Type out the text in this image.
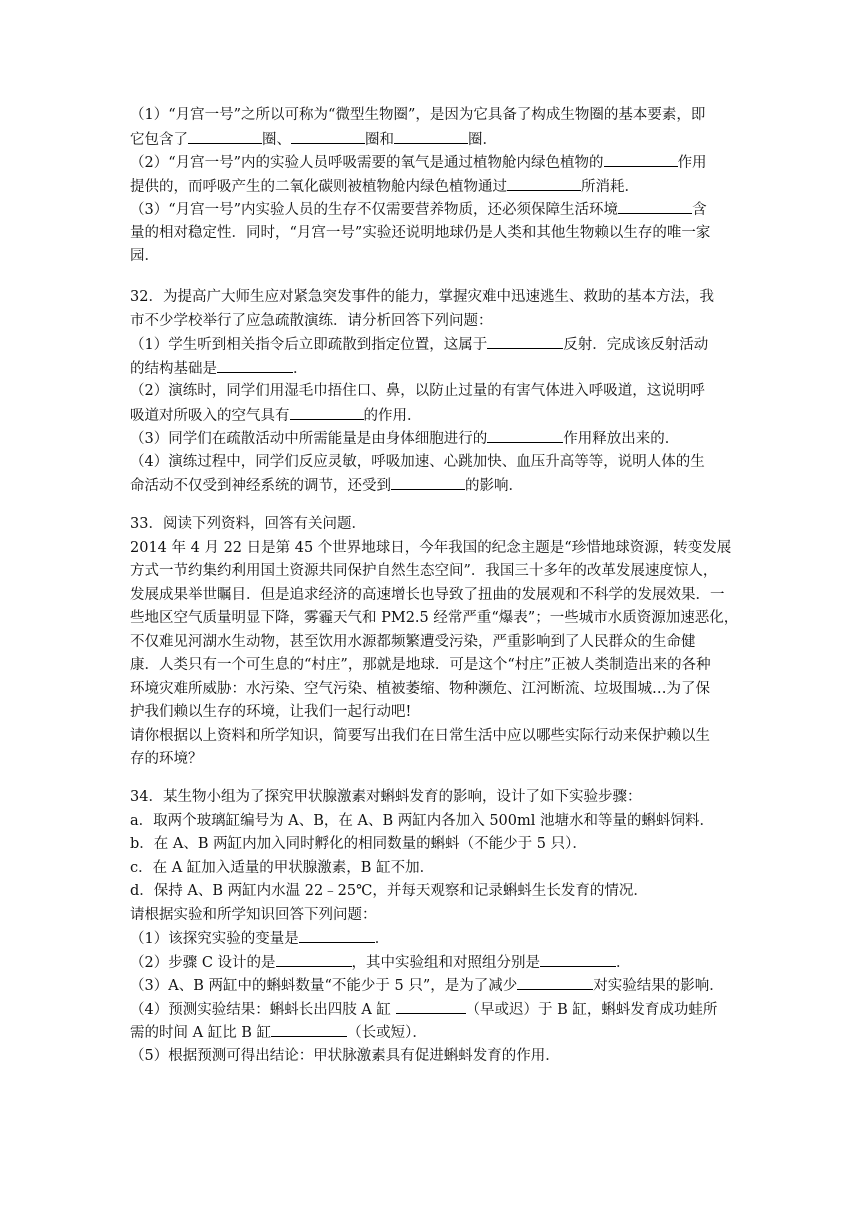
（1）“月宫一号”之所以可称为“微型生物圈”，是因为它具备了构成生物圈的基本要素，即
它包含了	圈、	圈和	圈．
（2）“月宫一号”内的实验人员呼吸需要的氧气是通过植物舱内绿色植物的	作用
提供的，而呼吸产生的二氧化碳则被植物舱内绿色植物通过	所消耗．
（3）“月宫一号”内实验人员的生存不仅需要营养物质，还必须保障生活环境	含
量的相对稳定性．同时，“月宫一号”实验还说明地球仍是人类和其他生物赖以生存的唯一家
园．
32．为提高广大师生应对紧急突发事件的能力，掌握灾难中迅速逃生、救助的基本方法，我
市不少学校举行了应急疏散演练．请分析回答下列问题：
（1）学生听到相关指令后立即疏散到指定位置，这属于	反射．完成该反射活动
的结构基础是	．
（2）演练时，同学们用湿毛巾捂住口、鼻，以防止过量的有害气体进入呼吸道，这说明呼
吸道对所吸入的空气具有	的作用．
（3）同学们在疏散活动中所需能量是由身体细胞进行的	作用释放出来的．
（4）演练过程中，同学们反应灵敏，呼吸加速、心跳加快、血压升高等等，说明人体的生
命活动不仅受到神经系统的调节，还受到	的影响．
33．阅读下列资料，回答有关问题．
2014 年 4 月 22 日是第 45 个世界地球日，今年我国的纪念主题是“珍惜地球资源，转变发展
方式一节约集约利用国土资源共同保护自然生态空间”．我国三十多年的改革发展速度惊人，
发展成果举世瞩目．但是追求经济的高速增长也导致了扭曲的发展观和不科学的发展效果．一
些地区空气质量明显下降，雾霾天气和 PM2.5 经常严重“爆表”；一些城市水质资源加速恶化，
不仅难见河湖水生动物，甚至饮用水源都频繁遭受污染，严重影响到了人民群众的生命健
康．人类只有一个可生息的“村庄”，那就是地球．可是这个“村庄”正被人类制造出来的各种
环境灾难所威胁：水污染、空气污染、植被萎缩、物种濒危、江河断流、垃圾围城…为了保
护我们赖以生存的环境，让我们一起行动吧!
请你根据以上资料和所学知识，简要写出我们在日常生活中应以哪些实际行动来保护赖以生
存的环境？
34．某生物小组为了探究甲状腺激素对蝌蚪发育的影响，设计了如下实验步骤：
a．取两个玻璃缸编号为 A、B，在 A、B 两缸内各加入 500ml 池塘水和等量的蝌蚪饲料．
b．在 A、B 两缸内加入同时孵化的相同数量的蝌蚪（不能少于 5 只）．
c．在 A 缸加入适量的甲状腺激素，B 缸不加．
d．保持 A、B 两缸内水温 22﹣25℃，并每天观察和记录蝌蚪生长发育的情况．
请根据实验和所学知识回答下列问题：
（1）该探究实验的变量是	．
（2）步骤 C 设计的是	，其中实验组和对照组分别是	．
（3）A、B 两缸中的蝌蚪数量“不能少于 5 只”，是为了减少	对实验结果的影响．
（4）预测实验结果：蝌蚪长出四肢 A 缸	（早或迟）于 B 缸，蝌蚪发育成功蛙所
需的时间 A 缸比 B 缸	（长或短）．
（5）根据预测可得出结论：甲状脉激素具有促进蝌蚪发育的作用．
